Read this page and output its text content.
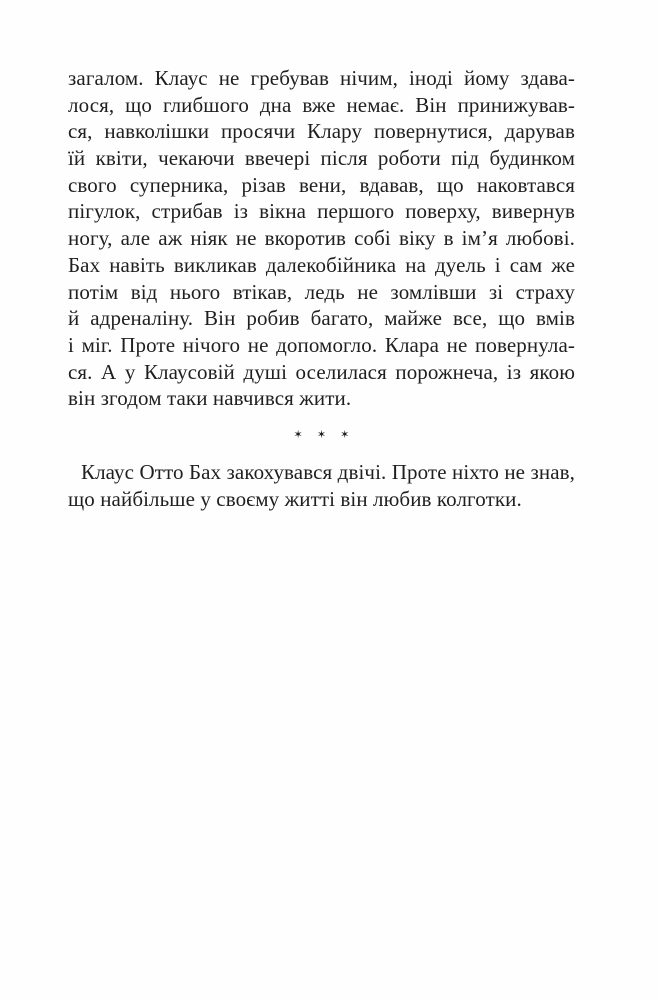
загалом. Клаус не гребував нічим, іноді йому здава-
лося, що глибшого дна вже немає. Він принижував-
ся, навколішки просячи Клару повернутися, дарував
їй квіти, чекаючи ввечері після роботи під будинком
свого суперника, різав вени, вдавав, що наковтався
пігулок, стрибав із вікна першого поверху, вивернув
ногу, але аж ніяк не вкоротив собі віку в ім’я любові.
Бах навіть викликав далекобійника на дуель і сам же
потім від нього втікав, ледь не зомлівши зі страху
й адреналіну. Він робив багато, майже все, що вмів
і міг. Проте нічого не допомогло. Клара не повернула-
ся. А у Клаусовій душі оселилася порожнеча, із якою
він згодом таки навчився жити.
✶ ✶ ✶
Клаус Отто Бах закохувався двічі. Проте ніхто не знав,
що найбільше у своєму житті він любив колготки.
